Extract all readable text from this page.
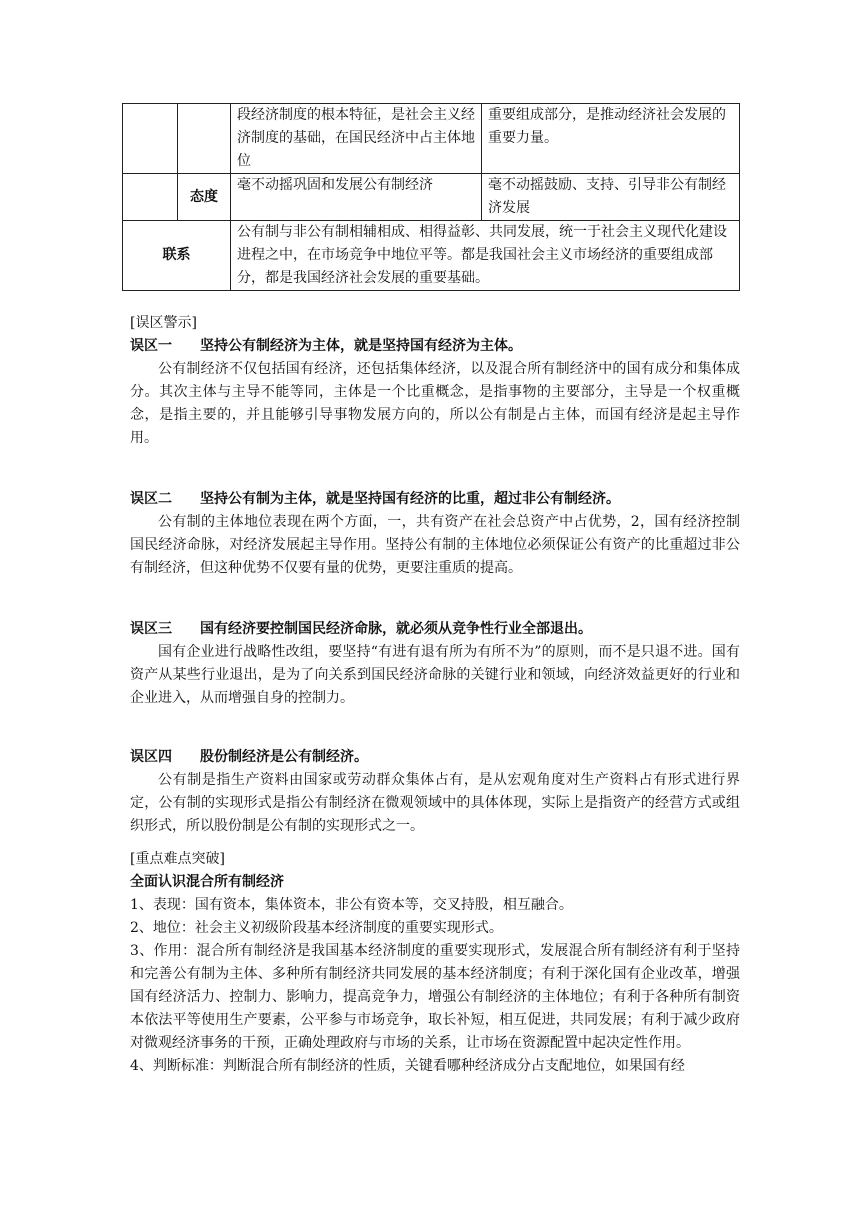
		段经济制度的根本特征，是社会主义经济制度的基础，在国民经济中占主体地位	重要组成部分，是推动经济社会发展的重要力量。
	态度	毫不动摇巩固和发展公有制经济	毫不动摇鼓励、支持、引导非公有制经济发展
联系		公有制与非公有制相辅相成、相得益彰、共同发展，统一于社会主义现代化建设进程之中，在市场竞争中地位平等。都是我国社会主义市场经济的重要组成部分，都是我国经济社会发展的重要基础。	
[误区警示]
误区一 坚持公有制经济为主体，就是坚持国有经济为主体。

公有制经济不仅包括国有经济，还包括集体经济，以及混合所有制经济中的国有成分和集体成分。其次主体与主导不能等同，主体是一个比重概念，是指事物的主要部分，主导是一个权重概念，是指主要的，并且能够引导事物发展方向的，所以公有制是占主体，而国有经济是起主导作用。

误区二 坚持公有制为主体，就是坚持国有经济的比重，超过非公有制经济。

公有制的主体地位表现在两个方面，一，共有资产在社会总资产中占优势，2，国有经济控制国民经济命脉，对经济发展起主导作用。坚持公有制的主体地位必须保证公有资产的比重超过非公有制经济，但这种优势不仅要有量的优势，更要注重质的提高。

误区三 国有经济要控制国民经济命脉，就必须从竞争性行业全部退出。

国有企业进行战略性改组，要坚持“有进有退有所为有所不为”的原则，而不是只退不进。国有资产从某些行业退出，是为了向关系到国民经济命脉的关键行业和领域，向经济效益更好的行业和企业进入，从而增强自身的控制力。

误区四 股份制经济是公有制经济。

公有制是指生产资料由国家或劳动群众集体占有，是从宏观角度对生产资料占有形式进行界定，公有制的实现形式是指公有制经济在微观领域中的具体体现，实际上是指资产的经营方式或组织形式，所以股份制是公有制的实现形式之一。

[重点难点突破]
全面认识混合所有制经济

1、表现：国有资本，集体资本，非公有资本等，交叉持股，相互融合。

2、地位：社会主义初级阶段基本经济制度的重要实现形式。

3、作用：混合所有制经济是我国基本经济制度的重要实现形式，发展混合所有制经济有利于坚持和完善公有制为主体、多种所有制经济共同发展的基本经济制度；有利于深化国有企业改革，增强国有经济活力、控制力、影响力，提高竞争力，增强公有制经济的主体地位；有利于各种所有制资本依法平等使用生产要素，公平参与市场竞争，取长补短，相互促进，共同发展；有利于减少政府对微观经济事务的干预，正确处理政府与市场的关系，让市场在资源配置中起决定性作用。

4、判断标准：判断混合所有制经济的性质，关键看哪种经济成分占支配地位，如果国有经
